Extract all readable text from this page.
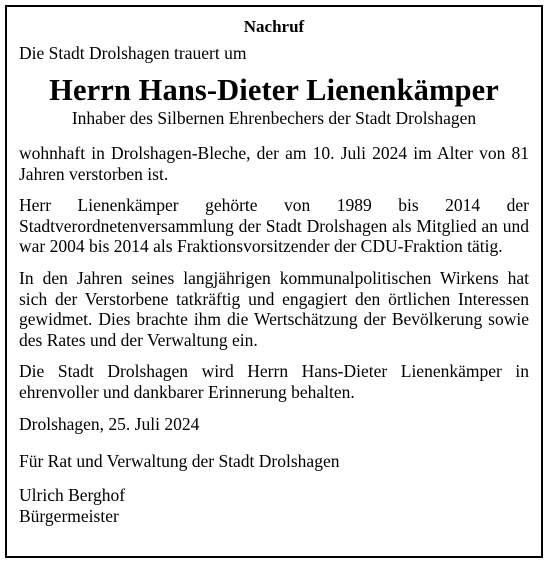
Nachruf
Die Stadt Drolshagen trauert um
Herrn Hans-Dieter Lienenkämper
Inhaber des Silbernen Ehrenbechers der Stadt Drolshagen
wohnhaft in Drolshagen-Bleche, der am 10. Juli 2024 im Alter von 81 Jahren verstorben ist.
Herr Lienenkämper gehörte von 1989 bis 2014 der Stadtverordnetenversammlung der Stadt Drolshagen als Mitglied an und war 2004 bis 2014 als Fraktionsvorsitzender der CDU-Fraktion tätig.
In den Jahren seines langjährigen kommunalpolitischen Wirkens hat sich der Verstorbene tatkräftig und engagiert den örtlichen Interessen gewidmet. Dies brachte ihm die Wertschätzung der Bevölkerung sowie des Rates und der Verwaltung ein.
Die Stadt Drolshagen wird Herrn Hans-Dieter Lienenkämper in ehrenvoller und dankbarer Erinnerung behalten.
Drolshagen, 25. Juli 2024
Für Rat und Verwaltung der Stadt Drolshagen
Ulrich Berghof
Bürgermeister
